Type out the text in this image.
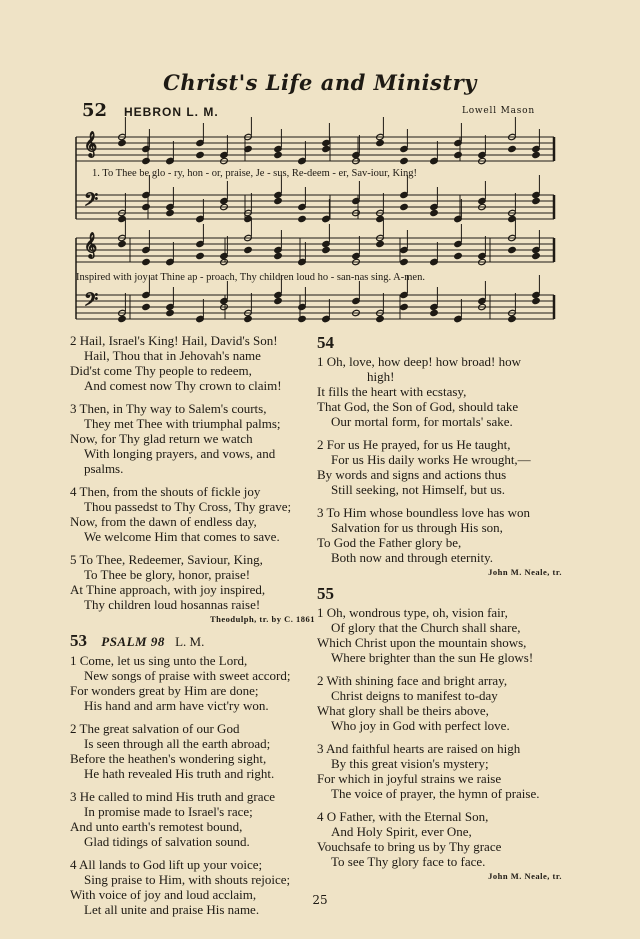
Christ's Life and Ministry
52 HEBRON L. M.	Lowell Mason
𝄞
𝄢
𝄞
𝄢
1. To Thee be glo - ry, hon - or, praise, Je - sus, Re-deem - er, Sav-iour, King!
Inspired with joy at Thine ap - proach, Thy children loud ho - san-nas sing. A-men.
2 Hail, Israel's King! Hail, David's Son!
Hail, Thou that in Jehovah's name
Did'st come Thy people to redeem,
And comest now Thy crown to claim!
3 Then, in Thy way to Salem's courts,
They met Thee with triumphal palms;
Now, for Thy glad return we watch
With longing prayers, and vows, and
psalms.
4 Then, from the shouts of fickle joy
Thou passedst to Thy Cross, Thy grave;
Now, from the dawn of endless day,
We welcome Him that comes to save.
5 To Thee, Redeemer, Saviour, King,
To Thee be glory, honor, praise!
At Thine approach, with joy inspired,
Thy children loud hosannas raise!
Theodulph, tr. by C. 1861
53 PSALM 98 L. M.
1 Come, let us sing unto the Lord,
New songs of praise with sweet accord;
For wonders great by Him are done;
His hand and arm have vict'ry won.
2 The great salvation of our God
Is seen through all the earth abroad;
Before the heathen's wondering sight,
He hath revealed His truth and right.
3 He called to mind His truth and grace
In promise made to Israel's race;
And unto earth's remotest bound,
Glad tidings of salvation sound.
4 All lands to God lift up your voice;
Sing praise to Him, with shouts rejoice;
With voice of joy and loud acclaim,
Let all unite and praise His name.
54
1 Oh, love, how deep! how broad! how
high!
It fills the heart with ecstasy,
That God, the Son of God, should take
Our mortal form, for mortals' sake.
2 For us He prayed, for us He taught,
For us His daily works He wrought,—
By words and signs and actions thus
Still seeking, not Himself, but us.
3 To Him whose boundless love has won
Salvation for us through His son,
To God the Father glory be,
Both now and through eternity.
John M. Neale, tr.
55
1 Oh, wondrous type, oh, vision fair,
Of glory that the Church shall share,
Which Christ upon the mountain shows,
Where brighter than the sun He glows!
2 With shining face and bright array,
Christ deigns to manifest to-day
What glory shall be theirs above,
Who joy in God with perfect love.
3 And faithful hearts are raised on high
By this great vision's mystery;
For which in joyful strains we raise
The voice of prayer, the hymn of praise.
4 O Father, with the Eternal Son,
And Holy Spirit, ever One,
Vouchsafe to bring us by Thy grace
To see Thy glory face to face.
John M. Neale, tr.
25
